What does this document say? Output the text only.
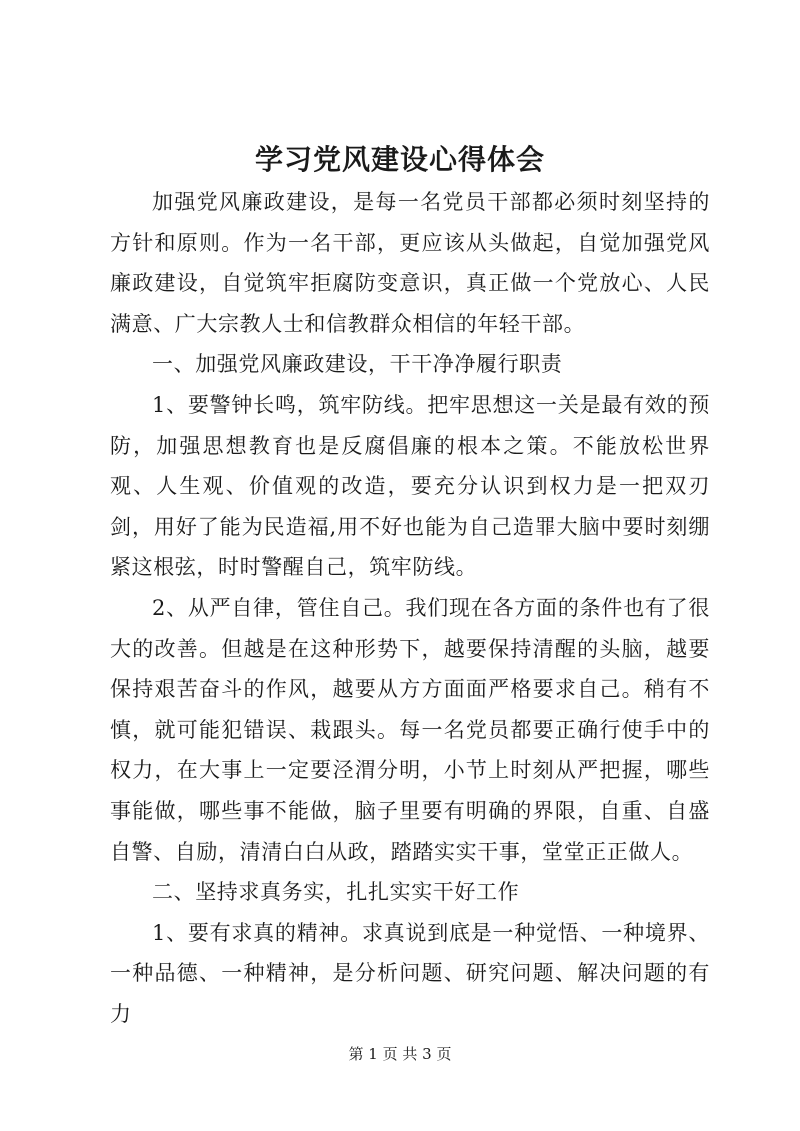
学习党风建设心得体会

加强党风廉政建设，是每一名党员干部都必须时刻坚持的方针和原则。作为一名干部，更应该从头做起，自觉加强党风廉政建设，自觉筑牢拒腐防变意识，真正做一个党放心、人民满意、广大宗教人士和信教群众相信的年轻干部。

一、加强党风廉政建设，干干净净履行职责

1、要警钟长鸣，筑牢防线。把牢思想这一关是最有效的预防，加强思想教育也是反腐倡廉的根本之策。不能放松世界观、人生观、价值观的改造，要充分认识到权力是一把双刃剑，用好了能为民造福,用不好也能为自己造罪大脑中要时刻绷紧这根弦，时时警醒自己，筑牢防线。

2、从严自律，管住自己。我们现在各方面的条件也有了很大的改善。但越是在这种形势下，越要保持清醒的头脑，越要保持艰苦奋斗的作风，越要从方方面面严格要求自己。稍有不慎，就可能犯错误、栽跟头。每一名党员都要正确行使手中的权力，在大事上一定要泾渭分明，小节上时刻从严把握，哪些事能做，哪些事不能做，脑子里要有明确的界限，自重、自盛自警、自励，清清白白从政，踏踏实实干事，堂堂正正做人。

二、坚持求真务实，扎扎实实干好工作

1、要有求真的精神。求真说到底是一种觉悟、一种境界、一种品德、一种精神，是分析问题、研究问题、解决问题的有力

第 1 页 共 3 页
